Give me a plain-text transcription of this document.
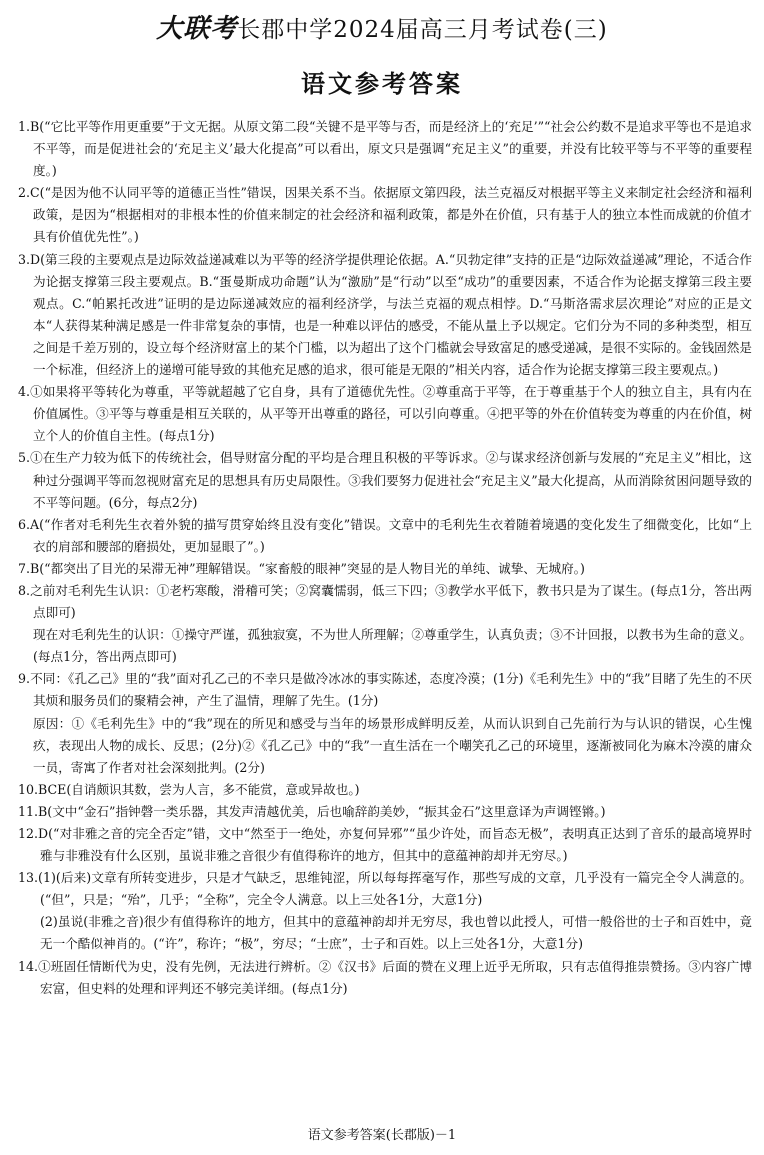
大联考长郡中学2024届高三月考试卷(三)
语文参考答案

1.B(“它比平等作用更重要”于文无据。从原文第二段“关键不是平等与否，而是经济上的‘充足’”“社会公约数不是追求平等也不是追求不平等，而是促进社会的‘充足主义’最大化提高”可以看出，原文只是强调“充足主义”的重要，并没有比较平等与不平等的重要程度。)

2.C(“是因为他不认同平等的道德正当性”错误，因果关系不当。依据原文第四段，法兰克福反对根据平等主义来制定社会经济和福利政策，是因为“根据相对的非根本性的价值来制定的社会经济和福利政策，都是外在价值，只有基于人的独立本性而成就的价值才具有价值优先性”。)

3.D(第三段的主要观点是边际效益递减难以为平等的经济学提供理论依据。A.“贝勃定律”支持的正是“边际效益递减”理论，不适合作为论据支撑第三段主要观点。B.“蛋曼斯成功命题”认为“激励”是“行动”以至“成功”的重要因素，不适合作为论据支撑第三段主要观点。C.“帕累托改进”证明的是边际递减效应的福利经济学，与法兰克福的观点相悖。D.“马斯洛需求层次理论”对应的正是文本“人获得某种满足感是一件非常复杂的事情，也是一种难以评估的感受，不能从量上予以规定。它们分为不同的多种类型，相互之间是千差万别的，设立每个经济财富上的某个门槛，以为超出了这个门槛就会导致富足的感受递减，是很不实际的。金钱固然是一个标准，但经济上的递增可能导致的其他充足感的追求，很可能是无限的”相关内容，适合作为论据支撑第三段主要观点。)

4.①如果将平等转化为尊重，平等就超越了它自身，具有了道德优先性。②尊重高于平等，在于尊重基于个人的独立自主，具有内在价值属性。③平等与尊重是相互关联的，从平等开出尊重的路径，可以引向尊重。④把平等的外在价值转变为尊重的内在价值，树立个人的价值自主性。(每点1分)

5.①在生产力较为低下的传统社会，倡导财富分配的平均是合理且积极的平等诉求。②与谋求经济创新与发展的“充足主义”相比，这种过分强调平等而忽视财富充足的思想具有历史局限性。③我们要努力促进社会“充足主义”最大化提高，从而消除贫困问题导致的不平等问题。(6分，每点2分)

6.A(“作者对毛利先生衣着外貌的描写贯穿始终且没有变化”错误。文章中的毛利先生衣着随着境遇的变化发生了细微变化，比如“上衣的肩部和腰部的磨损处，更加显眼了”。)

7.B(“都突出了目光的呆滞无神”理解错误。“家畜般的眼神”突显的是人物目光的单纯、诚挚、无城府。)

8.之前对毛利先生认识：①老朽寒酸，滑稽可笑；②窝囊懦弱，低三下四；③教学水平低下，教书只是为了谋生。(每点1分，答出两点即可)

现在对毛利先生的认识：①操守严谨，孤独寂寞，不为世人所理解；②尊重学生，认真负责；③不计回报，以教书为生命的意义。(每点1分，答出两点即可)

9.不同：《孔乙己》里的“我”面对孔乙己的不幸只是做冷冰冰的事实陈述，态度冷漠；(1分)《毛利先生》中的“我”目睹了先生的不厌其烦和服务员们的聚精会神，产生了温情，理解了先生。(1分)

原因：①《毛利先生》中的“我”现在的所见和感受与当年的场景形成鲜明反差，从而认识到自己先前行为与认识的错误，心生愧疚，表现出人物的成长、反思；(2分)②《孔乙己》中的“我”一直生活在一个嘲笑孔乙己的环境里，逐渐被同化为麻木冷漠的庸众一员，寄寓了作者对社会深刻批判。(2分)

10.BCE(自诮颇识其数，尝为人言，多不能赏，意或异故也。)

11.B(文中“金石”指钟磬一类乐器，其发声清越优美，后也喻辞韵美妙，“振其金石”这里意译为声调铿锵。)

12.D(“对非雅之音的完全否定”错，文中“然至于一绝处，亦复何异邪”“虽少许处，而旨态无极”，表明真正达到了音乐的最高境界时雅与非雅没有什么区别，虽说非雅之音很少有值得称许的地方，但其中的意蕴神韵却并无穷尽。)

13.(1)(后来)文章有所转变进步，只是才气缺乏，思维钝涩，所以每每挥毫写作，那些写成的文章，几乎没有一篇完全令人满意的。(“但”，只是；“殆”，几乎；“全称”，完全令人满意。以上三处各1分，大意1分)

(2)虽说(非雅之音)很少有值得称许的地方，但其中的意蕴神韵却并无穷尽，我也曾以此授人，可惜一般俗世的士子和百姓中，竟无一个酷似神肖的。(“许”，称许；“极”，穷尽；“士庶”，士子和百姓。以上三处各1分，大意1分)

14.①班固任情断代为史，没有先例，无法进行辨析。②《汉书》后面的赞在义理上近乎无所取，只有志值得推崇赞扬。③内容广博宏富，但史料的处理和评判还不够完美详细。(每点1分)

语文参考答案(长郡版)－1
